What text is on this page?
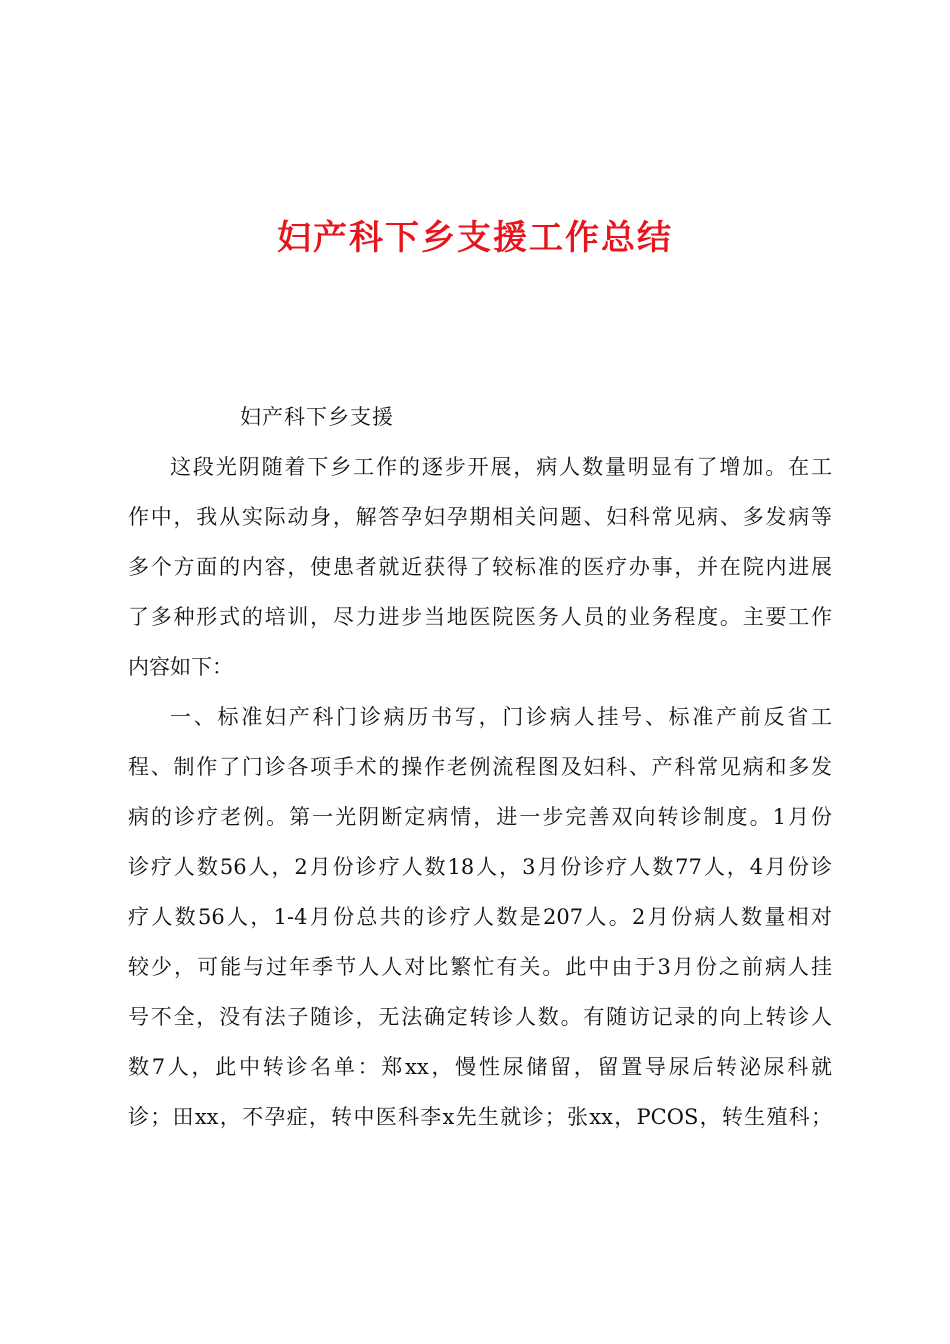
妇产科下乡支援工作总结

妇产科下乡支援

这段光阴随着下乡工作的逐步开展，病人数量明显有了增加。在工
作中，我从实际动身，解答孕妇孕期相关问题、妇科常见病、多发病等
多个方面的内容，使患者就近获得了较标准的医疗办事，并在院内进展
了多种形式的培训，尽力进步当地医院医务人员的业务程度。主要工作
内容如下：

一、标准妇产科门诊病历书写，门诊病人挂号、标准产前反省工
程、制作了门诊各项手术的操作老例流程图及妇科、产科常见病和多发
病的诊疗老例。第一光阴断定病情，进一步完善双向转诊制度。1月份
诊疗人数56人，2月份诊疗人数18人，3月份诊疗人数77人，4月份诊
疗人数56人，1-4月份总共的诊疗人数是207人。2月份病人数量相对
较少，可能与过年季节人人对比繁忙有关。此中由于3月份之前病人挂
号不全，没有法子随诊，无法确定转诊人数。有随访记录的向上转诊人
数7人，此中转诊名单：郑xx，慢性尿储留，留置导尿后转泌尿科就
诊；田xx，不孕症，转中医科李x先生就诊；张xx，PCOS，转生殖科；
